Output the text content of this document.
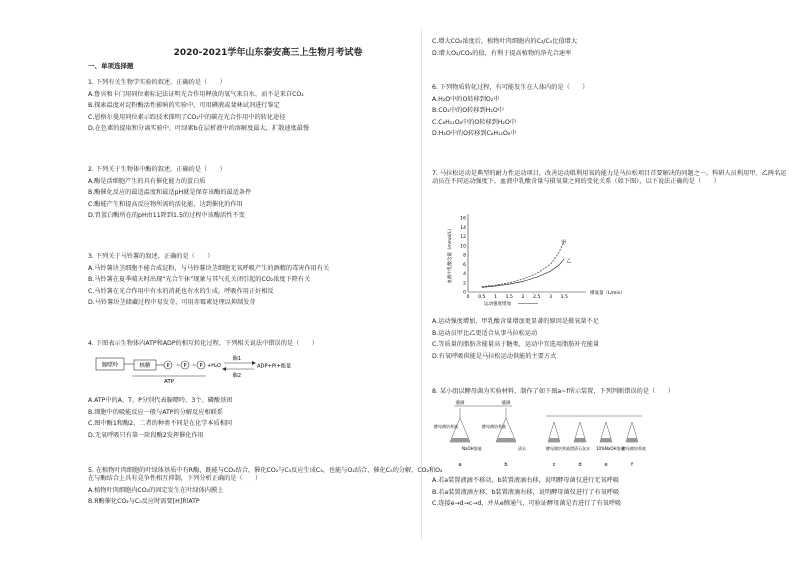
2020-2021学年山东泰安高三上生物月考试卷
一、单项选择题

1. 下列有关生物学实验的叙述，正确的是（　　）

A.鲁宾和卡门用同位素标记法证明光合作用释放的氧气来自水，而不是来自CO₂

B.探索温度对淀粉酶活性影响的实验中，可用碘液或斐林试剂进行鉴定

C.恩格尔曼用同位素示踪技术探明了CO₂中的碳在光合作用中的转化途径

D.在色素的提取和分离实验中，叶绿素b在层析液中的溶解度最大，扩散速度最慢

2. 下列关于生物体中酶的叙述，正确的是（　　）

A.酶是活细胞产生的具有催化能力的蛋白质

B.酶催化反应的最适温度和最适pH就是保存该酶的最适条件

C.酶能产生和提高反应物所需的活化能，达到催化的作用

D.胃蛋白酶所在的pH由11降到1.5的过程中该酶活性不变

3. 下列关于马铃薯的叙述，正确的是（　　）

A.马铃薯块茎细胞不能合成淀粉，与马铃薯块茎细胞无氧呼吸产生的酒精的毒害作用有关

B.马铃薯在夏季晴天时出现“光合午休”现象与其气孔关闭引起的CO₂浓度下降有关

C.马铃薯在光合作用中有水的消耗也有水的生成，呼吸作用正好相反

D.马铃薯块茎储藏过程中易发芽，可用赤霉素处理以抑制发芽

4. 下图表示生物体内ATP和ADP的相互转化过程，下列相关说法中错误的是（　　）

腺嘌呤	核糖	P ~ P ~ P +H₂O
ATP
酶1
酶2
ADP+Pi+能量

A.ATP中的A、T、P分别代表腺嘌呤、3个、磷酸基团

B.细胞中的吸能反应一般与ATP的分解反应相联系

C.图中酶1和酶2，二者的种类不同是在化学本质相同

D.无氧呼吸只有第一阶段酶2发挥催化作用

5. 在植物叶肉细胞的叶绿体基质中有R酶，既能与CO₂结合，催化CO₂与C₅反应生成C₃，也能与O₂结合，催化C₅的分解，CO₂和O₂在与酶结合上具有竞争性相互抑制，下列分析正确的是（　　）

A.植物叶肉细胞内CO₂的固定发生在叶绿体内膜上

B.R酶催化CO₂与C₅反应时需要[H]和ATP

C.增大CO₂浓度后，植物叶肉细胞内的C₃/C₅比值增大

D.增大O₂/CO₂的值，有利于提高植物的净光合速率

6. 下列物质转化过程，有可能发生在人体内的是（　　）

A.H₂O中的O转移到O₂中

B.CO₂中的O转移到H₂O中

C.C₆H₁₂O₆中的O转移到H₂O中

D.H₂O中的O转移到C₆H₁₂O₆中

7. 马拉松运动是典型的耐力性运动项目，改善运动肌利用氧的能力是马拉松项目首要解决的问题之一。科研人员利用甲、乙两名运动员在不同运动强度下，血液中乳酸含量与摄氧量之间的变化关系（如下图），以下说法正确的是（　　）

0 0.5 1 1.5 2 2.5 3 3.5
0
2
4
6
8
10
12
14
16
摄氧量（L/min）
血液中乳酸含量（mmol/L）
运动强度增加
甲
乙

A.运动强度增加，甲乳酸含量增加更显著的原因是摄氧量不足

B.运动员甲比乙更适合从事马拉松运动

C.等质量的脂肪含能量高于糖类，运动中宜选用脂肪补充能量

D.有氧呼吸供能是马拉松运动供能的主要方式

8. 某小组以酵母菌为实验材料，制作了如下图a~f所示装置，下列判断错误的是（　　）

液滴	液滴
酵母菌培养液
NaOH溶液
酵母菌培养液
清水	酵母菌培养液 澄清石灰水 10%NaOH溶液
酵母菌培养液
a	b	c	d	e	f

A.若a装置液滴不移动，b装置液滴右移，说明酵母菌仅进行无氧呼吸

B.若a装置液滴左移，b装置液滴右移，说明酵母菌仅进行了有氧呼吸

C.连接e→d→c→d，并从e侧通气，可验证酵母菌是否进行了有氧呼吸
